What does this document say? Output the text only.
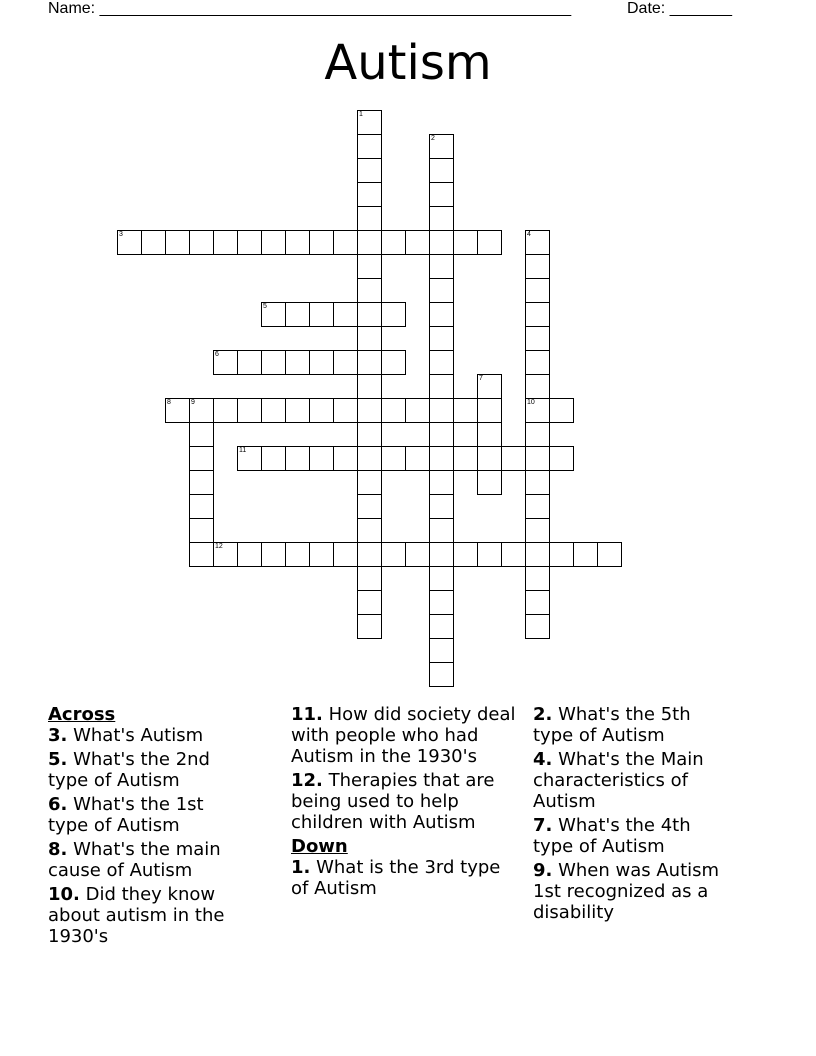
Name: _____________________________________________________	Date: _______
Autism
1
2
3	4
10
5
6
7
8	9
11
12
Across
3. What's Autism
5. What's the 2nd type of Autism
6. What's the 1st type of Autism
8. What's the main cause of Autism
10. Did they know about autism in the 1930's
11. How did society deal with people who had Autism in the 1930's
12. Therapies that are being used to help children with Autism
Down
1. What is the 3rd type of Autism
2. What's the 5th type of Autism
4. What's the Main characteristics of Autism
7. What's the 4th type of Autism
9. When was Autism 1st recognized as a disability
